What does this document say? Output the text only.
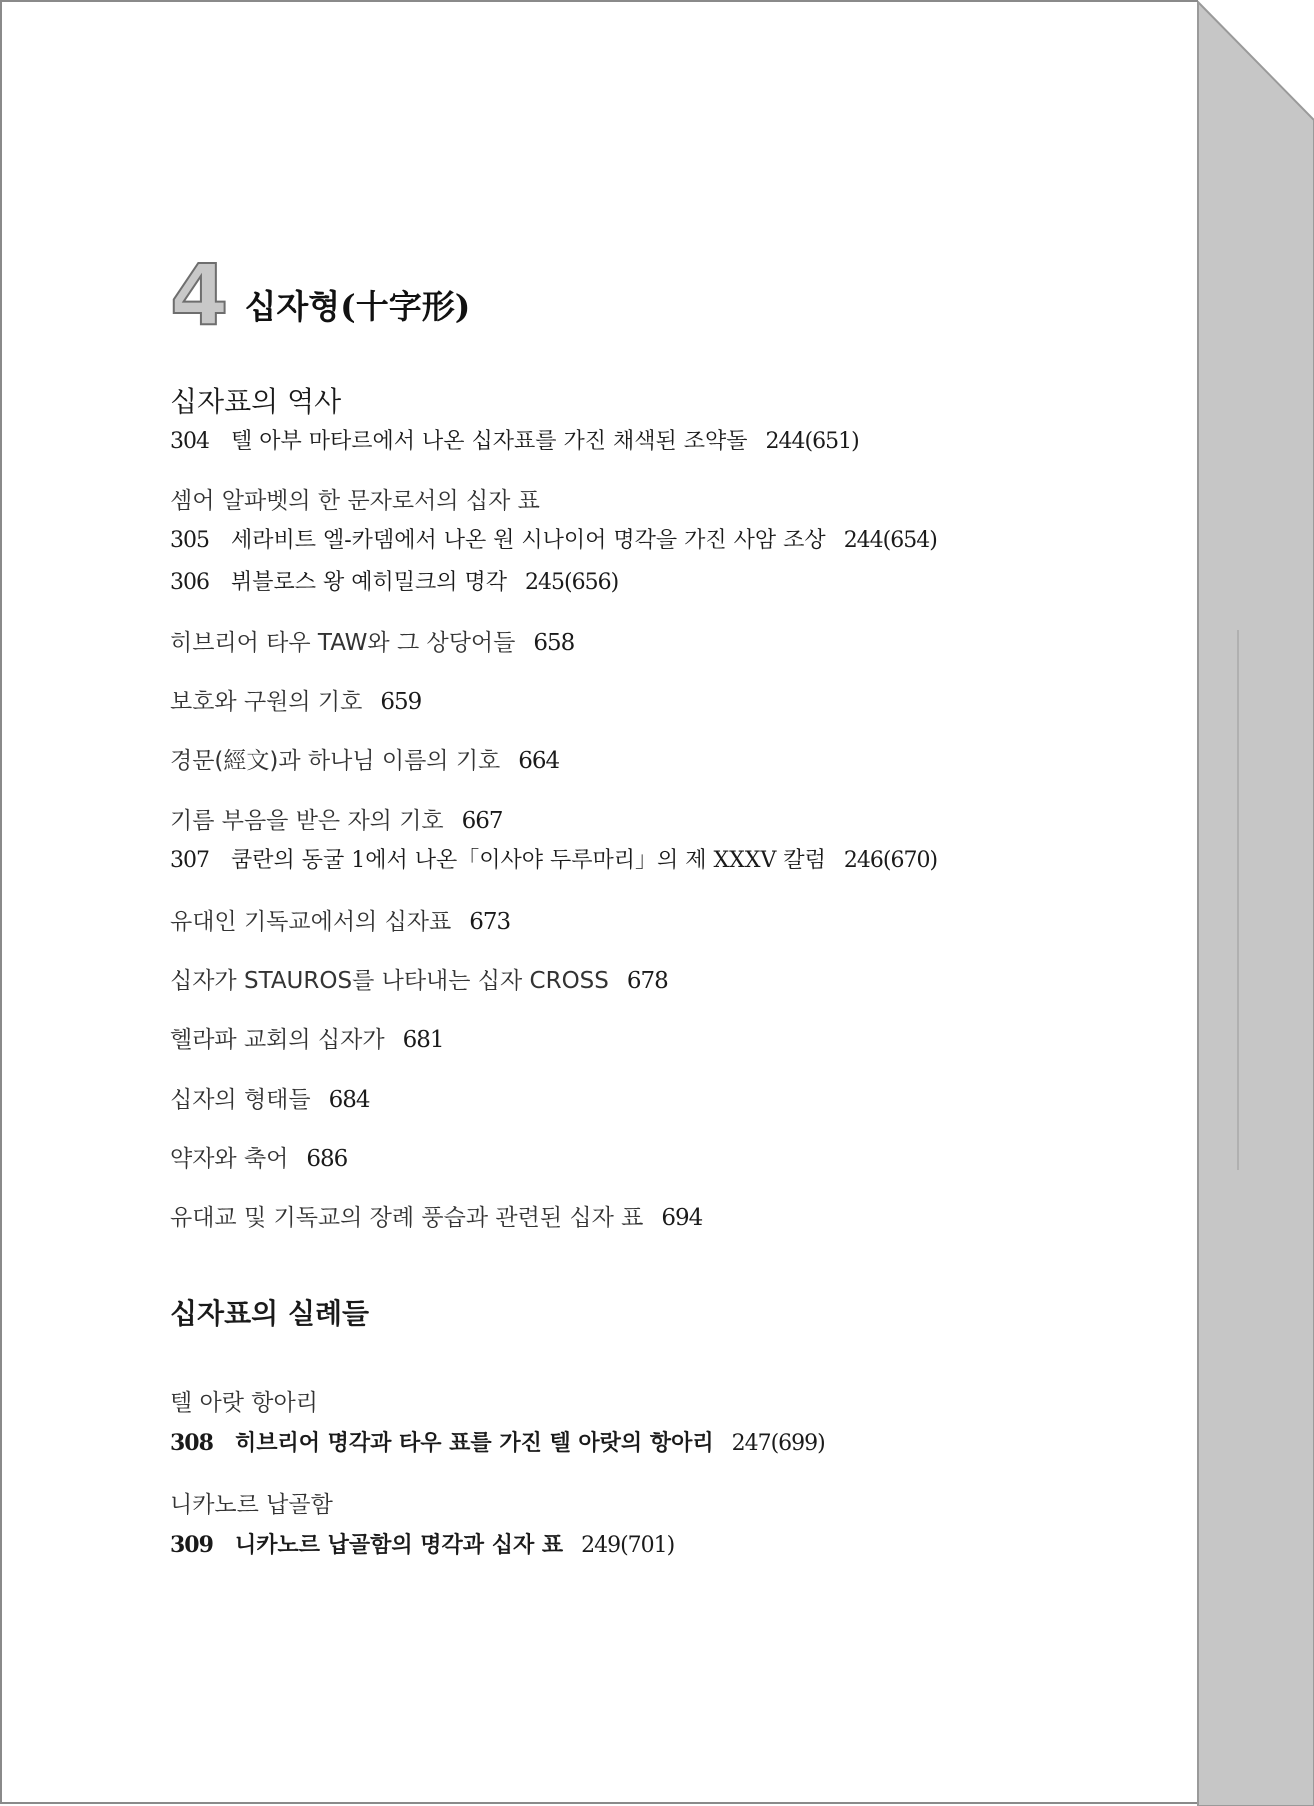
4 십자형(十字形)
십자표의 역사
304 텔 아부 마타르에서 나온 십자표를 가진 채색된 조약돌 244(651)
셈어 알파벳의 한 문자로서의 십자 표
305 세라비트 엘-카뎀에서 나온 원 시나이어 명각을 가진 사암 조상 244(654)
306 뷔블로스 왕 예히밀크의 명각 245(656)
히브리어 타우 TAW와 그 상당어들 658
보호와 구원의 기호 659
경문(經文)과 하나님 이름의 기호 664
기름 부음을 받은 자의 기호 667
307 쿰란의 동굴 1에서 나온「이사야 두루마리」의 제 XXXV 칼럼 246(670)
유대인 기독교에서의 십자표 673
십자가 STAUROS를 나타내는 십자 CROSS 678
헬라파 교회의 십자가 681
십자의 형태들 684
약자와 축어 686
유대교 및 기독교의 장례 풍습과 관련된 십자 표 694
십자표의 실례들
텔 아랏 항아리
308 히브리어 명각과 타우 표를 가진 텔 아랏의 항아리 247(699)
니카노르 납골함
309 니카노르 납골함의 명각과 십자 표 249(701)
